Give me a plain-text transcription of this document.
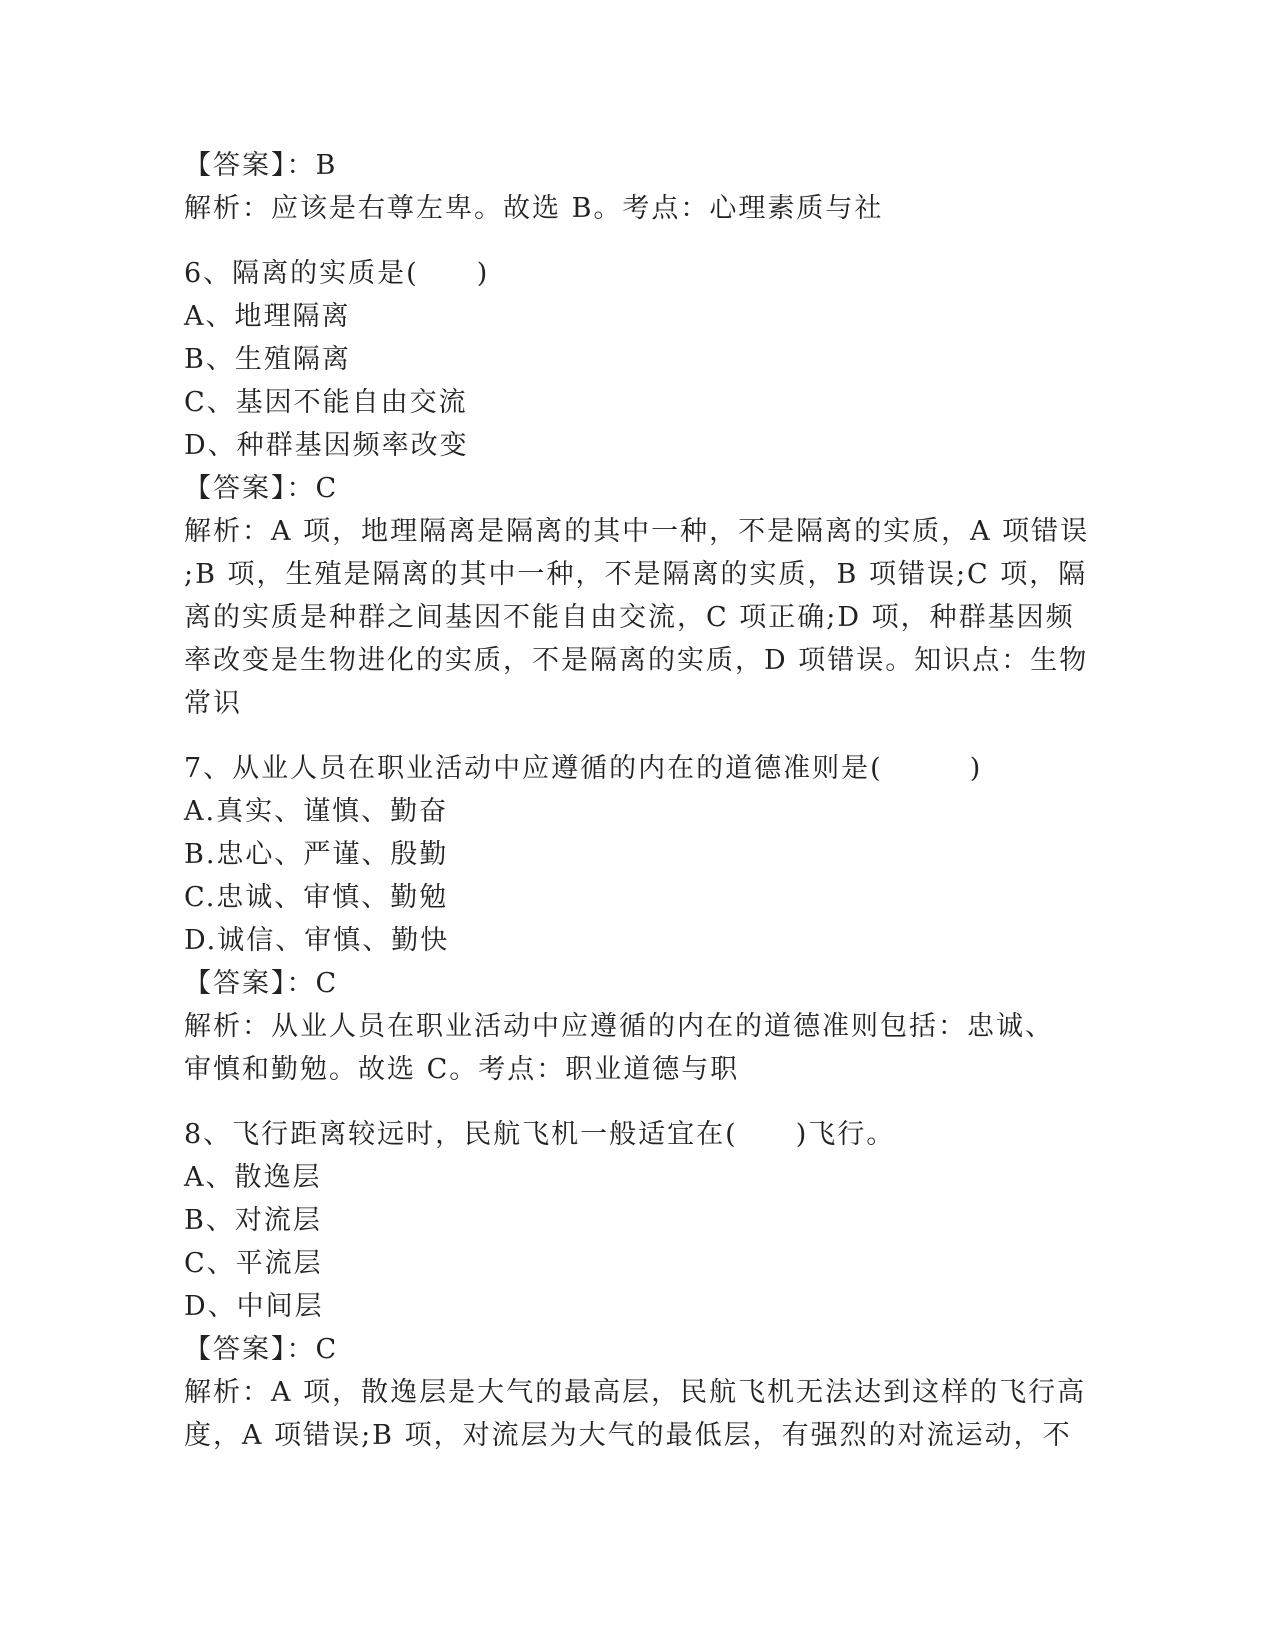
【答案】：B
解析：应该是右尊左卑。故选 B。考点：心理素质与社
6、隔离的实质是(　　)
A、地理隔离
B、生殖隔离
C、基因不能自由交流
D、种群基因频率改变
【答案】：C
解析：A 项，地理隔离是隔离的其中一种，不是隔离的实质，A 项错误
;B 项，生殖是隔离的其中一种，不是隔离的实质，B 项错误;C 项，隔
离的实质是种群之间基因不能自由交流，C 项正确;D 项，种群基因频
率改变是生物进化的实质，不是隔离的实质，D 项错误。知识点：生物
常识
7、从业人员在职业活动中应遵循的内在的道德准则是(　　　)
A.真实、谨慎、勤奋
B.忠心、严谨、殷勤
C.忠诚、审慎、勤勉
D.诚信、审慎、勤快
【答案】：C
解析：从业人员在职业活动中应遵循的内在的道德准则包括：忠诚、
审慎和勤勉。故选 C。考点：职业道德与职
8、飞行距离较远时，民航飞机一般适宜在(　　)飞行。
A、散逸层
B、对流层
C、平流层
D、中间层
【答案】：C
解析：A 项，散逸层是大气的最高层，民航飞机无法达到这样的飞行高
度，A 项错误;B 项，对流层为大气的最低层，有强烈的对流运动，不
